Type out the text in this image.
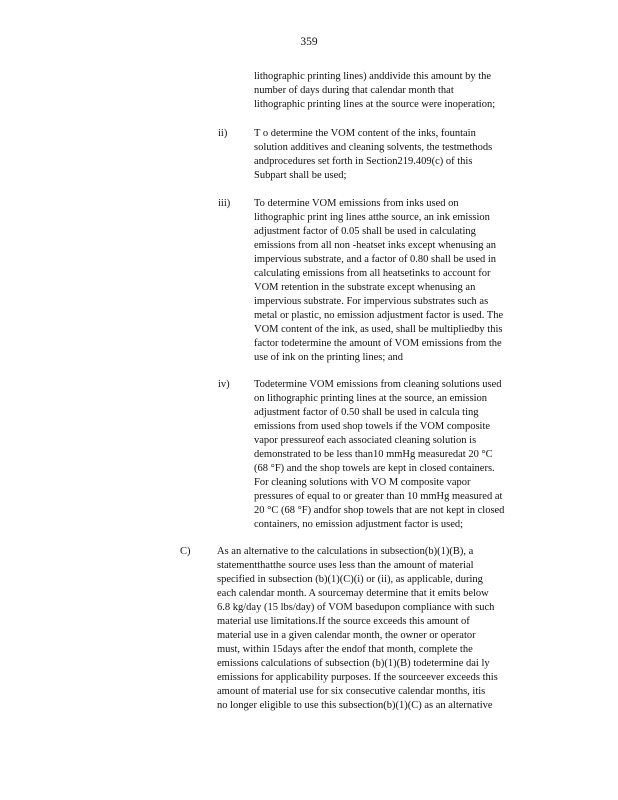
359
lithographic printing lines) anddivide this amount by the
number of days during that calendar month that
lithographic printing lines at the source were inoperation;
ii)	T o determine the VOM content of the inks, fountain
solution additives and cleaning solvents, the testmethods
andprocedures set forth in Section219.409(c) of this
Subpart shall be used;
iii) To determine VOM emissions from inks used on
lithographic print ing lines atthe source, an ink emission
adjustment factor of 0.05 shall be used in calculating
emissions from all non -heatset inks except whenusing an
impervious substrate, and a factor of 0.80 shall be used in
calculating emissions from all heatsetinks to account for
VOM retention in the substrate except whenusing an
impervious substrate. For impervious substrates such as
metal or plastic, no emission adjustment factor is used. The
VOM content of the ink, as used, shall be multipliedby this
factor todetermine the amount of VOM emissions from the
use of ink on the printing lines; and
iv) Todetermine VOM emissions from cleaning solutions used
on lithographic printing lines at the source, an emission
adjustment factor of 0.50 shall be used in calcula ting
emissions from used shop towels if the VOM composite
vapor pressureof each associated cleaning solution is
demonstrated to be less than10 mmHg measuredat 20 °C
(68 °F) and the shop towels are kept in closed containers.
For cleaning solutions with VO M composite vapor
pressures of equal to or greater than 10 mmHg measured at
20 °C (68 °F) andfor shop towels that are not kept in closed
containers, no emission adjustment factor is used;
C)	As an alternative to the calculations in subsection(b)(1)(B), a
statementthatthe source uses less than the amount of material
specified in subsection (b)(1)(C)(i) or (ii), as applicable, during
each calendar month. A sourcemay determine that it emits below
6.8 kg/day (15 lbs/day) of VOM basedupon compliance with such
material use limitations.If the source exceeds this amount of
material use in a given calendar month, the owner or operator
must, within 15days after the endof that month, complete the
emissions calculations of subsection (b)(1)(B) todetermine dai ly
emissions for applicability purposes. If the sourceever exceeds this
amount of material use for six consecutive calendar months, itis
no longer eligible to use this subsection(b)(1)(C) as an alternative
